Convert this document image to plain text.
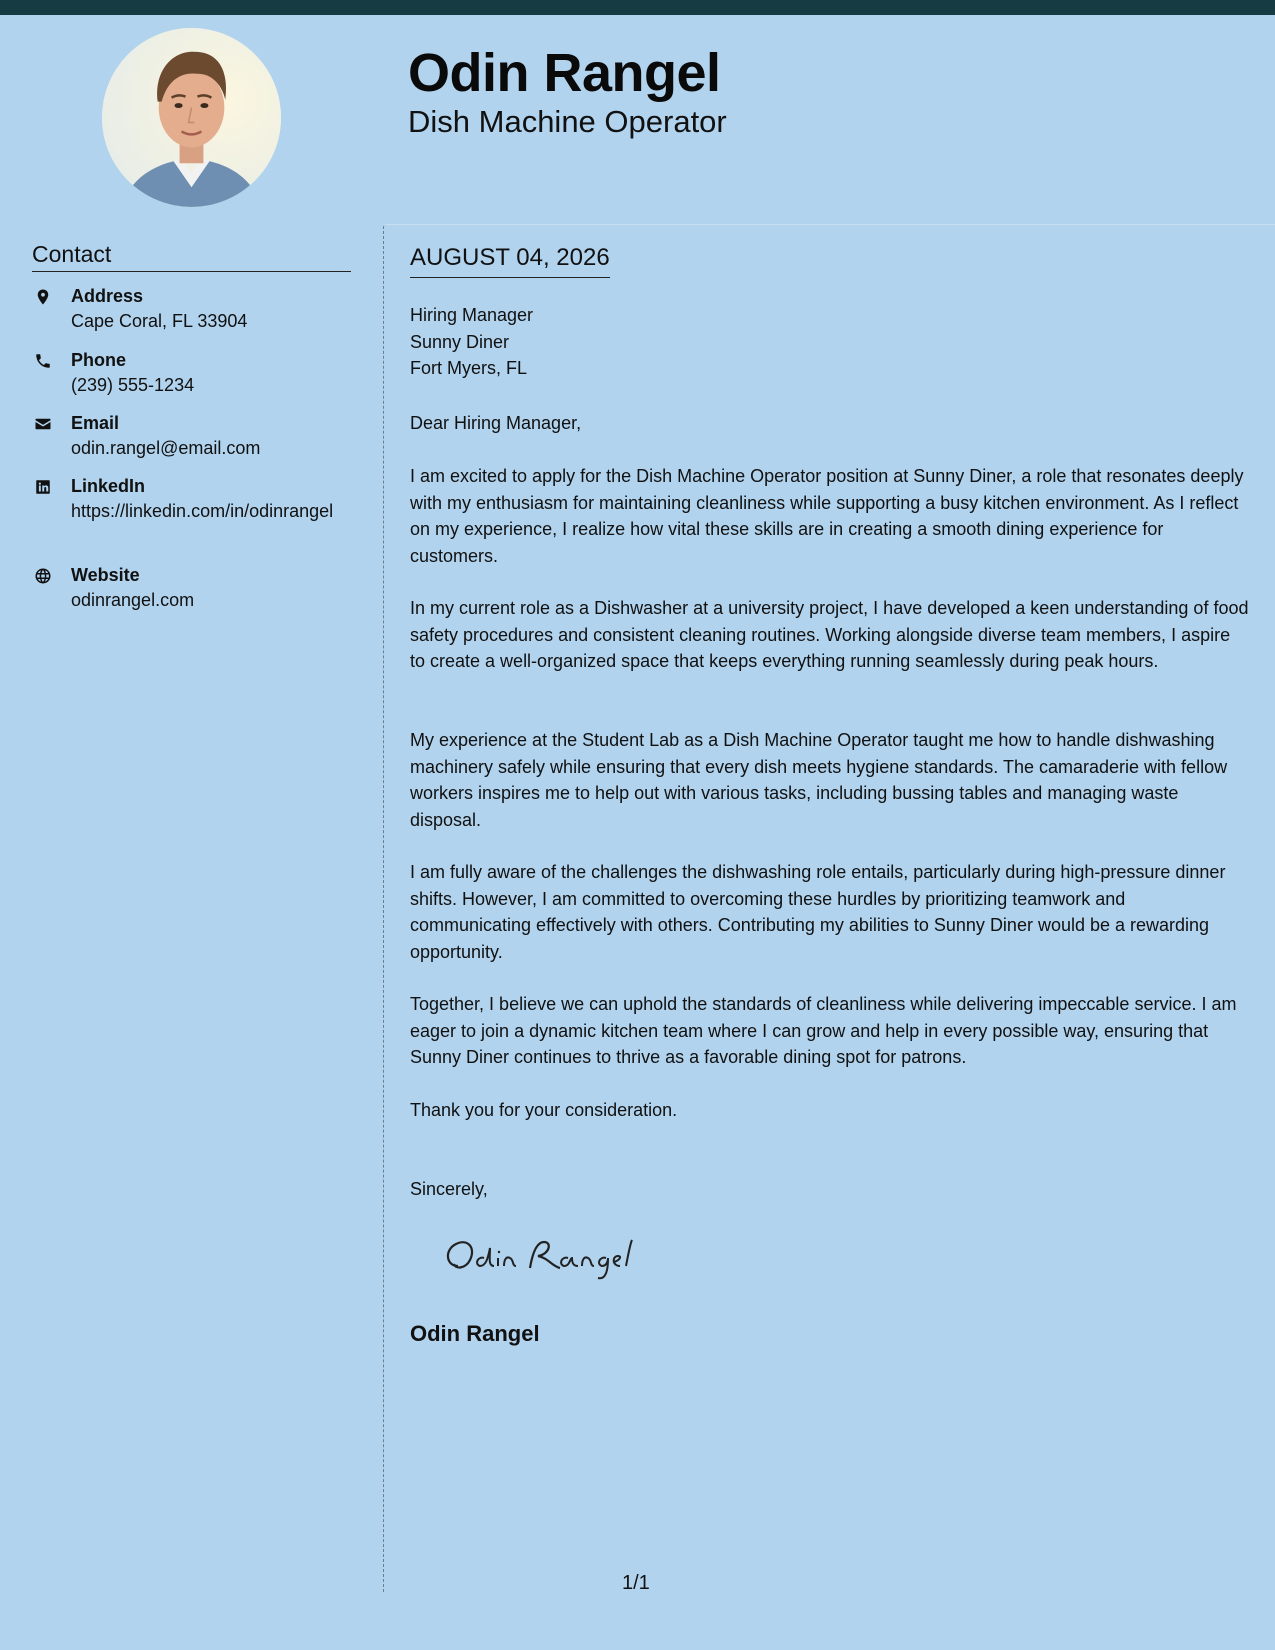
Odin Rangel
Dish Machine Operator
Contact
Address
Cape Coral, FL 33904
Phone
(239) 555-1234
Email
odin.rangel@email.com
LinkedIn
https://linkedin.com/in/odinrangel
Website
odinrangel.com
AUGUST 04, 2026
Hiring Manager
Sunny Diner
Fort Myers, FL
Dear Hiring Manager,
I am excited to apply for the Dish Machine Operator position at Sunny Diner, a role that resonates deeply with my enthusiasm for maintaining cleanliness while supporting a busy kitchen environment. As I reflect on my experience, I realize how vital these skills are in creating a smooth dining experience for customers.
In my current role as a Dishwasher at a university project, I have developed a keen understanding of food safety procedures and consistent cleaning routines. Working alongside diverse team members, I aspire to create a well-organized space that keeps everything running seamlessly during peak hours.
My experience at the Student Lab as a Dish Machine Operator taught me how to handle dishwashing machinery safely while ensuring that every dish meets hygiene standards. The camaraderie with fellow workers inspires me to help out with various tasks, including bussing tables and managing waste disposal.
I am fully aware of the challenges the dishwashing role entails, particularly during high-pressure dinner shifts. However, I am committed to overcoming these hurdles by prioritizing teamwork and communicating effectively with others. Contributing my abilities to Sunny Diner would be a rewarding opportunity.
Together, I believe we can uphold the standards of cleanliness while delivering impeccable service. I am eager to join a dynamic kitchen team where I can grow and help in every possible way, ensuring that Sunny Diner continues to thrive as a favorable dining spot for patrons.
Thank you for your consideration.
Sincerely,
Odin Rangel
1/1
